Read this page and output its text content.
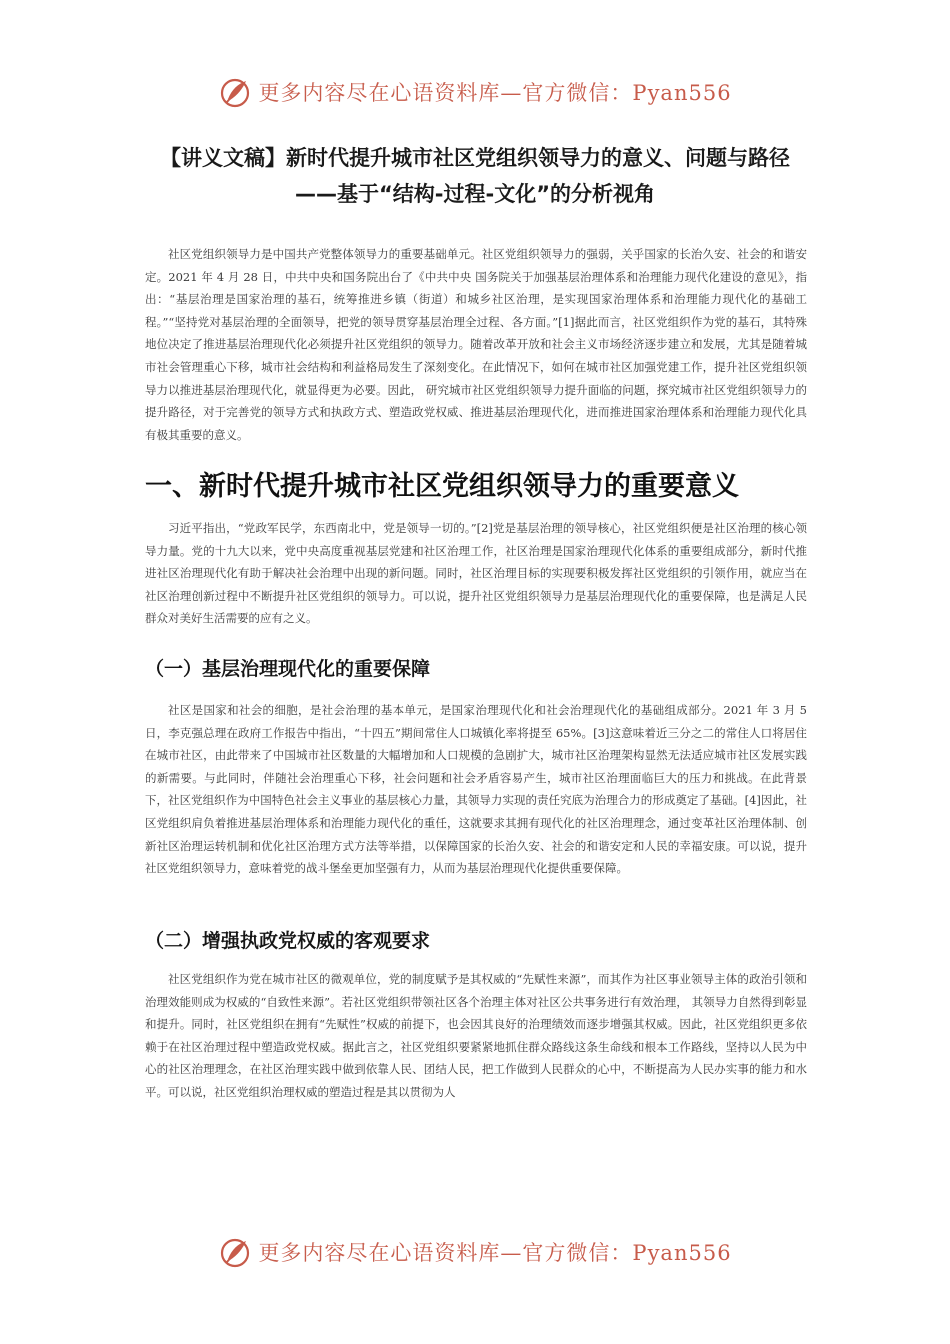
更多内容尽在心语资料库—官方微信：Pyan556
【讲义文稿】新时代提升城市社区党组织领导力的意义、问题与路径
——基于“结构-过程-文化”的分析视角

社区党组织领导力是中国共产党整体领导力的重要基础单元。社区党组织领导力的强弱，关乎国家的长治久安、社会的和谐安定。2021 年 4 月 28 日，中共中央和国务院出台了《中共中央 国务院关于加强基层治理体系和治理能力现代化建设的意见》，指出：“基层治理是国家治理的基石，统筹推进乡镇（街道）和城乡社区治理，是实现国家治理体系和治理能力现代化的基础工程。”“坚持党对基层治理的全面领导，把党的领导贯穿基层治理全过程、各方面。”[1]据此而言，社区党组织作为党的基石，其特殊地位决定了推进基层治理现代化必须提升社区党组织的领导力。随着改革开放和社会主义市场经济逐步建立和发展，尤其是随着城市社会管理重心下移，城市社会结构和利益格局发生了深刻变化。在此情况下，如何在城市社区加强党建工作，提升社区党组织领导力以推进基层治理现代化，就显得更为必要。因此， 研究城市社区党组织领导力提升面临的问题，探究城市社区党组织领导力的提升路径，对于完善党的领导方式和执政方式、塑造政党权威、推进基层治理现代化，进而推进国家治理体系和治理能力现代化具有极其重要的意义。

一、新时代提升城市社区党组织领导力的重要意义

习近平指出，“党政军民学，东西南北中，党是领导一切的。”[2]党是基层治理的领导核心，社区党组织便是社区治理的核心领导力量。党的十九大以来，党中央高度重视基层党建和社区治理工作，社区治理是国家治理现代化体系的重要组成部分，新时代推进社区治理现代化有助于解决社会治理中出现的新问题。同时，社区治理目标的实现要积极发挥社区党组织的引领作用，就应当在社区治理创新过程中不断提升社区党组织的领导力。可以说，提升社区党组织领导力是基层治理现代化的重要保障，也是满足人民群众对美好生活需要的应有之义。

（一）基层治理现代化的重要保障

社区是国家和社会的细胞，是社会治理的基本单元，是国家治理现代化和社会治理现代化的基础组成部分。2021 年 3 月 5 日，李克强总理在政府工作报告中指出，“十四五”期间常住人口城镇化率将提至 65%。[3]这意味着近三分之二的常住人口将居住在城市社区，由此带来了中国城市社区数量的大幅增加和人口规模的急剧扩大，城市社区治理架构显然无法适应城市社区发展实践的新需要。与此同时，伴随社会治理重心下移，社会问题和社会矛盾容易产生，城市社区治理面临巨大的压力和挑战。在此背景下，社区党组织作为中国特色社会主义事业的基层核心力量，其领导力实现的责任究底为治理合力的形成奠定了基础。[4]因此，社区党组织肩负着推进基层治理体系和治理能力现代化的重任，这就要求其拥有现代化的社区治理理念，通过变革社区治理体制、创新社区治理运转机制和优化社区治理方式方法等举措，以保障国家的长治久安、社会的和谐安定和人民的幸福安康。可以说，提升社区党组织领导力，意味着党的战斗堡垒更加坚强有力，从而为基层治理现代化提供重要保障。

（二）增强执政党权威的客观要求

社区党组织作为党在城市社区的微观单位，党的制度赋予是其权威的“先赋性来源”，而其作为社区事业领导主体的政治引领和治理效能则成为权威的“自致性来源”。若社区党组织带领社区各个治理主体对社区公共事务进行有效治理， 其领导力自然得到彰显和提升。同时，社区党组织在拥有“先赋性”权威的前提下，也会因其良好的治理绩效而逐步增强其权威。因此，社区党组织更多依赖于在社区治理过程中塑造政党权威。据此言之，社区党组织要紧紧地抓住群众路线这条生命线和根本工作路线，坚持以人民为中心的社区治理理念，在社区治理实践中做到依靠人民、团结人民，把工作做到人民群众的心中，不断提高为人民办实事的能力和水平。可以说，社区党组织治理权威的塑造过程是其以贯彻为人

更多内容尽在心语资料库—官方微信：Pyan556
